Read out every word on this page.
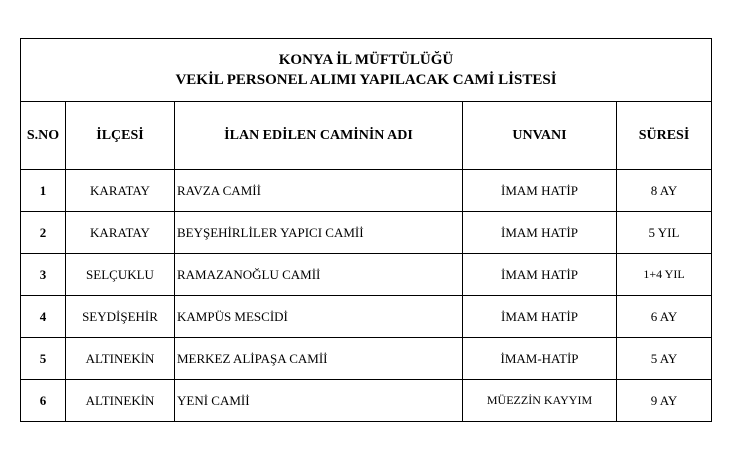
KONYA İL MÜFTÜLÜĞÜ
VEKİL PERSONEL ALIMI YAPILACAK CAMİ LİSTESİ				

S.NO	İLÇESİ	İLAN EDİLEN CAMİNİN ADI	UNVANI	SÜRESİ
1	KARATAY	RAVZA CAMİİ	İMAM HATİP	8 AY
2	KARATAY	BEYŞEHİRLİLER YAPICI CAMİİ	İMAM HATİP	5 YIL
3	SELÇUKLU	RAMAZANOĞLU CAMİİ	İMAM HATİP	1+4 YIL
4	SEYDİŞEHİR	KAMPÜS MESCİDİ	İMAM HATİP	6 AY
5	ALTINEKİN	MERKEZ ALİPAŞA CAMİİ	İMAM-HATİP	5 AY
6	ALTINEKİN	YENİ CAMİİ	MÜEZZİN KAYYIM	9 AY
